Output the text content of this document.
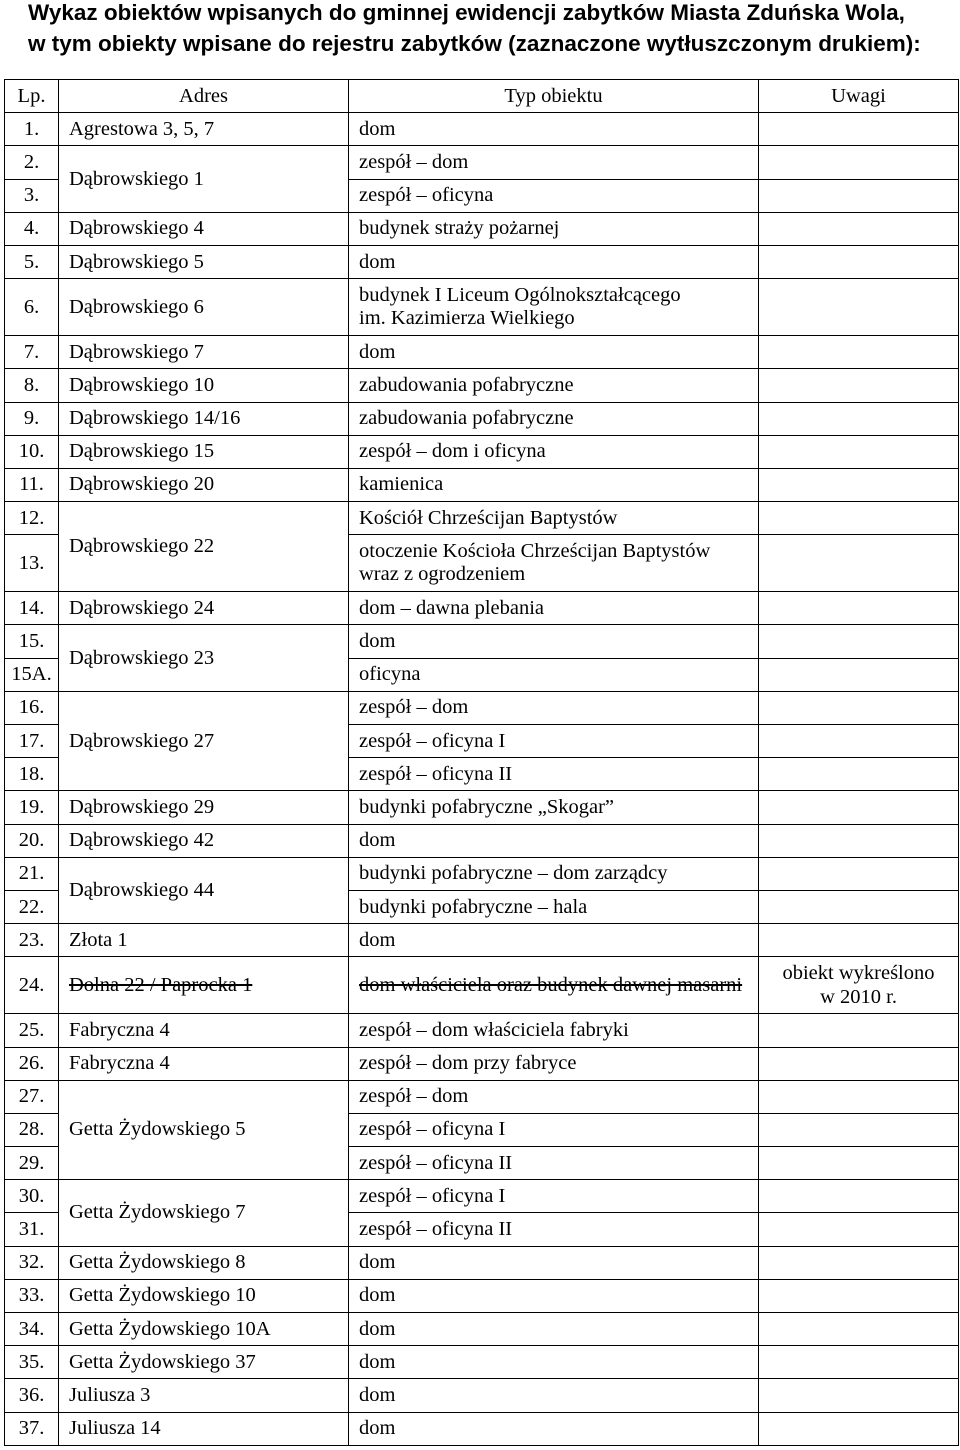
Wykaz obiektów wpisanych do gminnej ewidencji zabytków Miasta Zduńska Wola,
w tym obiekty wpisane do rejestru zabytków (zaznaczone wytłuszczonym drukiem):
Lp.	Adres	Typ obiektu	Uwagi
1.	Agrestowa 3, 5, 7	dom	
2.	Dąbrowskiego 1	zespół – dom	
3.		zespół – oficyna	
4.	Dąbrowskiego 4	budynek straży pożarnej	
5.	Dąbrowskiego 5	dom	
6.	Dąbrowskiego 6	budynek I Liceum Ogólnokształcącego
im. Kazimierza Wielkiego	
7.	Dąbrowskiego 7	dom	
8.	Dąbrowskiego 10	zabudowania pofabryczne	
9.	Dąbrowskiego 14/16	zabudowania pofabryczne	
10.	Dąbrowskiego 15	zespół – dom i oficyna	
11.	Dąbrowskiego 20	kamienica	
12.	Dąbrowskiego 22	Kościół Chrześcijan Baptystów	
13.		otoczenie Kościoła Chrześcijan Baptystów
wraz z ogrodzeniem	
14.	Dąbrowskiego 24	dom – dawna plebania	
15.	Dąbrowskiego 23	dom	
15A.		oficyna	
16.	Dąbrowskiego 27	zespół – dom	
17.		zespół – oficyna I	
18.		zespół – oficyna II	
19.	Dąbrowskiego 29	budynki pofabryczne „Skogar”	
20.	Dąbrowskiego 42	dom	
21.	Dąbrowskiego 44	budynki pofabryczne – dom zarządcy	
22.		budynki pofabryczne – hala	
23.	Złota 1	dom	
24.	Dolna 22 / Paprocka 1	dom właściciela oraz budynek dawnej masarni	obiekt wykreślono
w 2010 r.
25.	Fabryczna 4	zespół – dom właściciela fabryki	
26.	Fabryczna 4	zespół – dom przy fabryce	
27.	Getta Żydowskiego 5	zespół – dom	
28.		zespół – oficyna I	
29.		zespół – oficyna II	
30.	Getta Żydowskiego 7	zespół – oficyna I	
31.		zespół – oficyna II	
32.	Getta Żydowskiego 8	dom	
33.	Getta Żydowskiego 10	dom	
34.	Getta Żydowskiego 10A	dom	
35.	Getta Żydowskiego 37	dom	
36.	Juliusza 3	dom	
37.	Juliusza 14	dom	
